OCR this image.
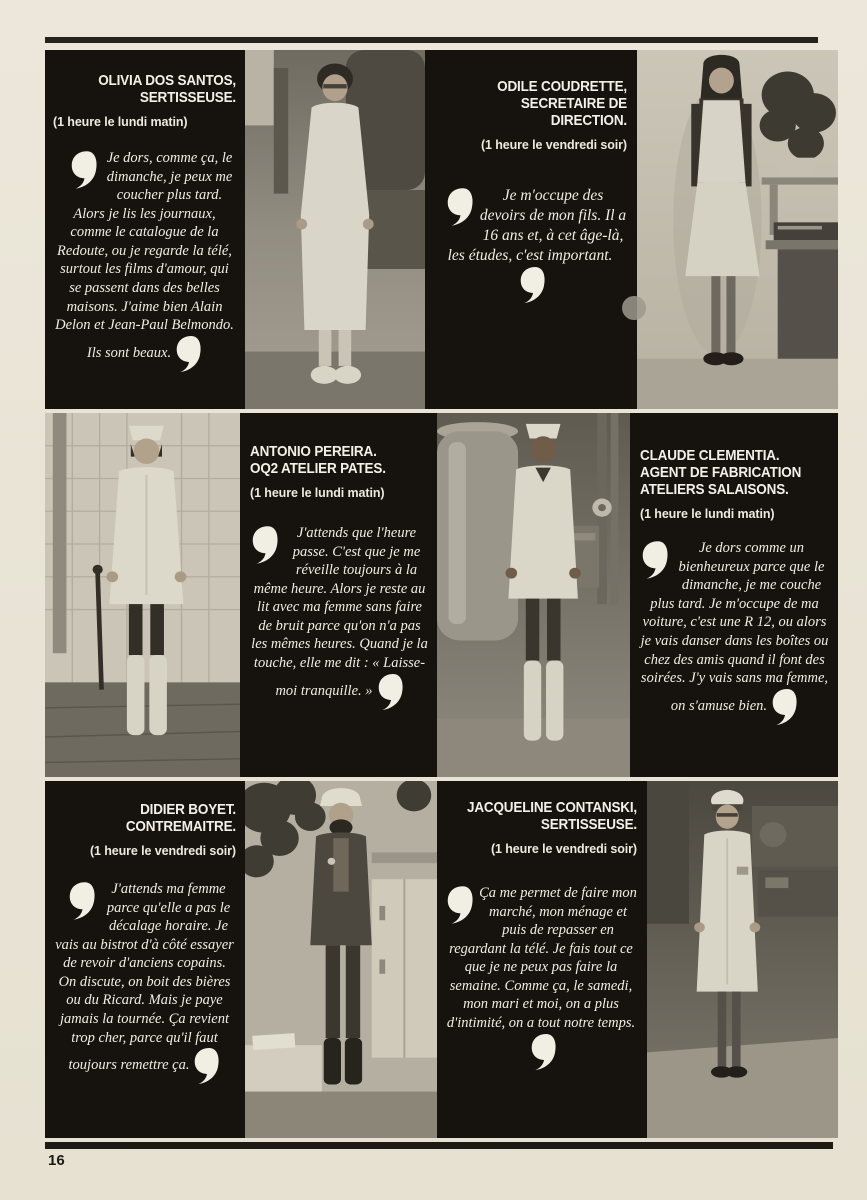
OLIVIA DOS SANTOS,
SERTISSEUSE.
(1 heure le lundi matin)

Je dors, comme ça, le dimanche, je peux me coucher plus tard. Alors je lis les journaux, comme le catalogue de la Redoute, ou je regarde la télé, surtout les films d'amour, qui se passent dans des belles maisons. J'aime bien Alain Delon et Jean-Paul Belmondo. Ils sont beaux.

ODILE COUDRETTE,
SECRETAIRE DE DIRECTION.
(1 heure le vendredi soir)

Je m'occupe des devoirs de mon fils. Il a 16 ans et, à cet âge-là, les études, c'est important.

ANTONIO PEREIRA.
OQ2 ATELIER PATES.
(1 heure le lundi matin)

J'attends que l'heure passe. C'est que je me réveille toujours à la même heure. Alors je reste au lit avec ma femme sans faire de bruit parce qu'on n'a pas les mêmes heures. Quand je la touche, elle me dit : « Laisse-moi tranquille. »

CLAUDE CLEMENTIA.
AGENT DE FABRICATION
ATELIERS SALAISONS.
(1 heure le lundi matin)

Je dors comme un bienheureux parce que le dimanche, je me couche plus tard. Je m'occupe de ma voiture, c'est une R 12, ou alors je vais danser dans les boîtes ou chez des amis quand il font des soirées. J'y vais sans ma femme, on s'amuse bien.

DIDIER BOYET.
CONTREMAITRE.
(1 heure le vendredi soir)

J'attends ma femme parce qu'elle a pas le décalage horaire. Je vais au bistrot d'à côté essayer de revoir d'anciens copains. On discute, on boit des bières ou du Ricard. Mais je paye jamais la tournée. Ça revient trop cher, parce qu'il faut toujours remettre ça.

JACQUELINE CONTANSKI,
SERTISSEUSE.
(1 heure le vendredi soir)

Ça me permet de faire mon marché, mon ménage et puis de repasser en regardant la télé. Je fais tout ce que je ne peux pas faire la semaine. Comme ça, le samedi, mon mari et moi, on a plus d'intimité, on a tout notre temps.

16
